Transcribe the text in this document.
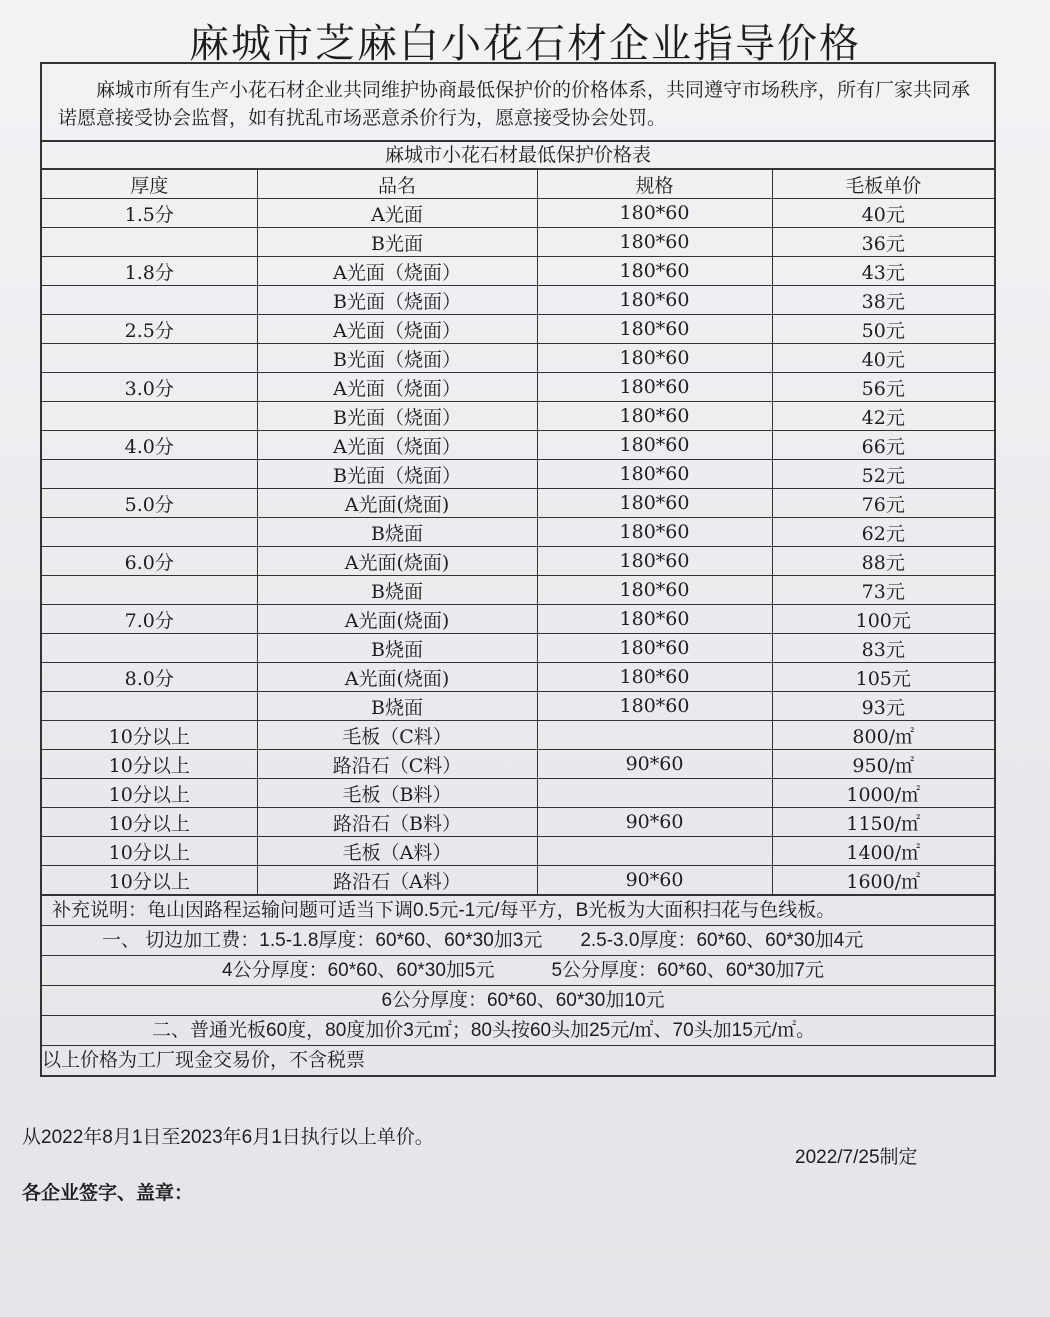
麻城市芝麻白小花石材企业指导价格
麻城市所有生产小花石材企业共同维护协商最低保护价的价格体系，共同遵守市场秩序，所有厂家共同承诺愿意接受协会监督，如有扰乱市场恶意杀价行为，愿意接受协会处罚。
麻城市小花石材最低保护价格表
厚度	品名	规格	毛板单价
1.5分	A光面	180*60	40元
	B光面	180*60	36元
1.8分	A光面（烧面）	180*60	43元
	B光面（烧面）	180*60	38元
2.5分	A光面（烧面）	180*60	50元
	B光面（烧面）	180*60	40元
3.0分	A光面（烧面）	180*60	56元
	B光面（烧面）	180*60	42元
4.0分	A光面（烧面）	180*60	66元
	B光面（烧面）	180*60	52元
5.0分	A光面(烧面)	180*60	76元
	B烧面	180*60	62元
6.0分	A光面(烧面)	180*60	88元
	B烧面	180*60	73元
7.0分	A光面(烧面)	180*60	100元
	B烧面	180*60	83元
8.0分	A光面(烧面)	180*60	105元
	B烧面	180*60	93元
10分以上	毛板（C料）		800/㎡
10分以上	路沿石（C料）	90*60	950/㎡
10分以上	毛板（B料）		1000/㎡
10分以上	路沿石（B料）	90*60	1150/㎡
10分以上	毛板（A料）		1400/㎡
10分以上	路沿石（A料）	90*60	1600/㎡
补充说明：龟山因路程运输问题可适当下调0.5元-1元/每平方，B光板为大面积扫花与色线板。
一、 切边加工费：1.5-1.8厚度：60*60、60*30加3元　　2.5-3.0厚度：60*60、60*30加4元
4公分厚度：60*60、60*30加5元　　　5公分厚度：60*60、60*30加7元
6公分厚度：60*60、60*30加10元
二、普通光板60度，80度加价3元㎡；80头按60头加25元/㎡、70头加15元/㎡。
以上价格为工厂现金交易价，不含税票
从2022年8月1日至2023年6月1日执行以上单价。
2022/7/25制定
各企业签字、盖章：
